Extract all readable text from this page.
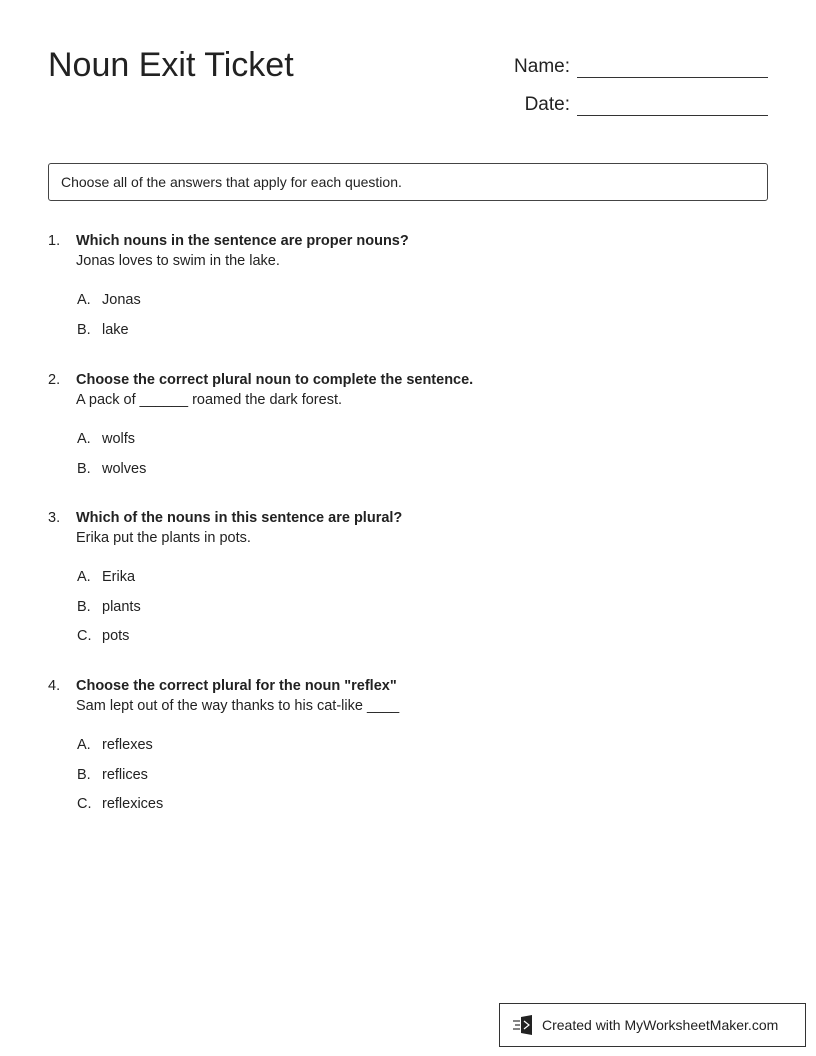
Noun Exit Ticket	Name:
Date:
Choose all of the answers that apply for each question.
1.	Which nouns in the sentence are proper nouns?
Jonas loves to swim in the lake.
A. Jonas
B. lake
2.	Choose the correct plural noun to complete the sentence.
A pack of ______ roamed the dark forest.
A. wolfs
B. wolves
3.	Which of the nouns in this sentence are plural?
Erika put the plants in pots.
A. Erika
B. plants
C. pots
4.	Choose the correct plural for the noun "reflex"
Sam lept out of the way thanks to his cat-like ____
A. reflexes
B. reflices
C. reflexices
Created with MyWorksheetMaker.com
